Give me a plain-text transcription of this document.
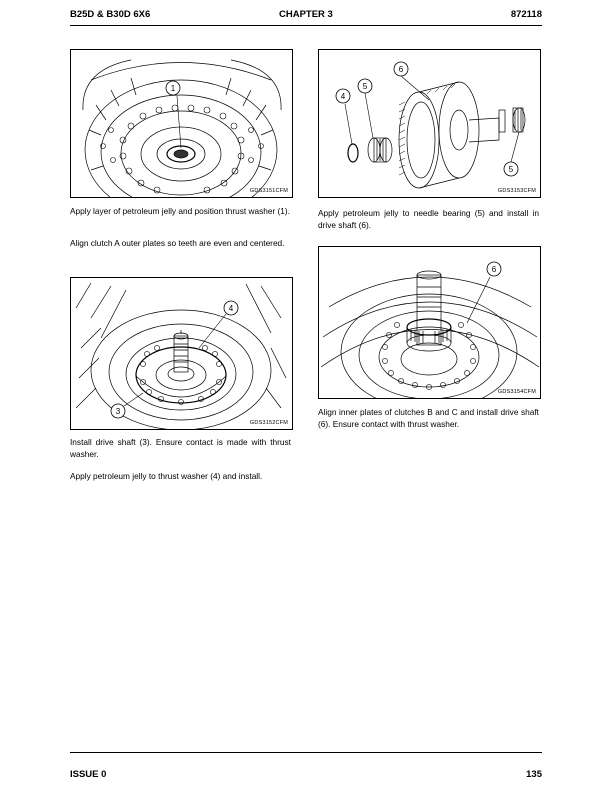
B25D & B30D 6X6	CHAPTER 3	872118
1
GDS3151CFM

Apply layer of petroleum jelly and position thrust washer (1).

Align clutch A outer plates so teeth are even and centered.

4
3
GDS3152CFM

Install drive shaft (3). Ensure contact is made with thrust washer.

Apply petroleum jelly to thrust washer (4) and install.

4
5
6
5
GDS3153CFM

Apply petroleum jelly to needle bearing (5) and install in drive shaft (6).

6
GDS3154CFM

Align inner plates of clutches B and C and install drive shaft (6). Ensure contact with thrust washer.

ISSUE 0	135
